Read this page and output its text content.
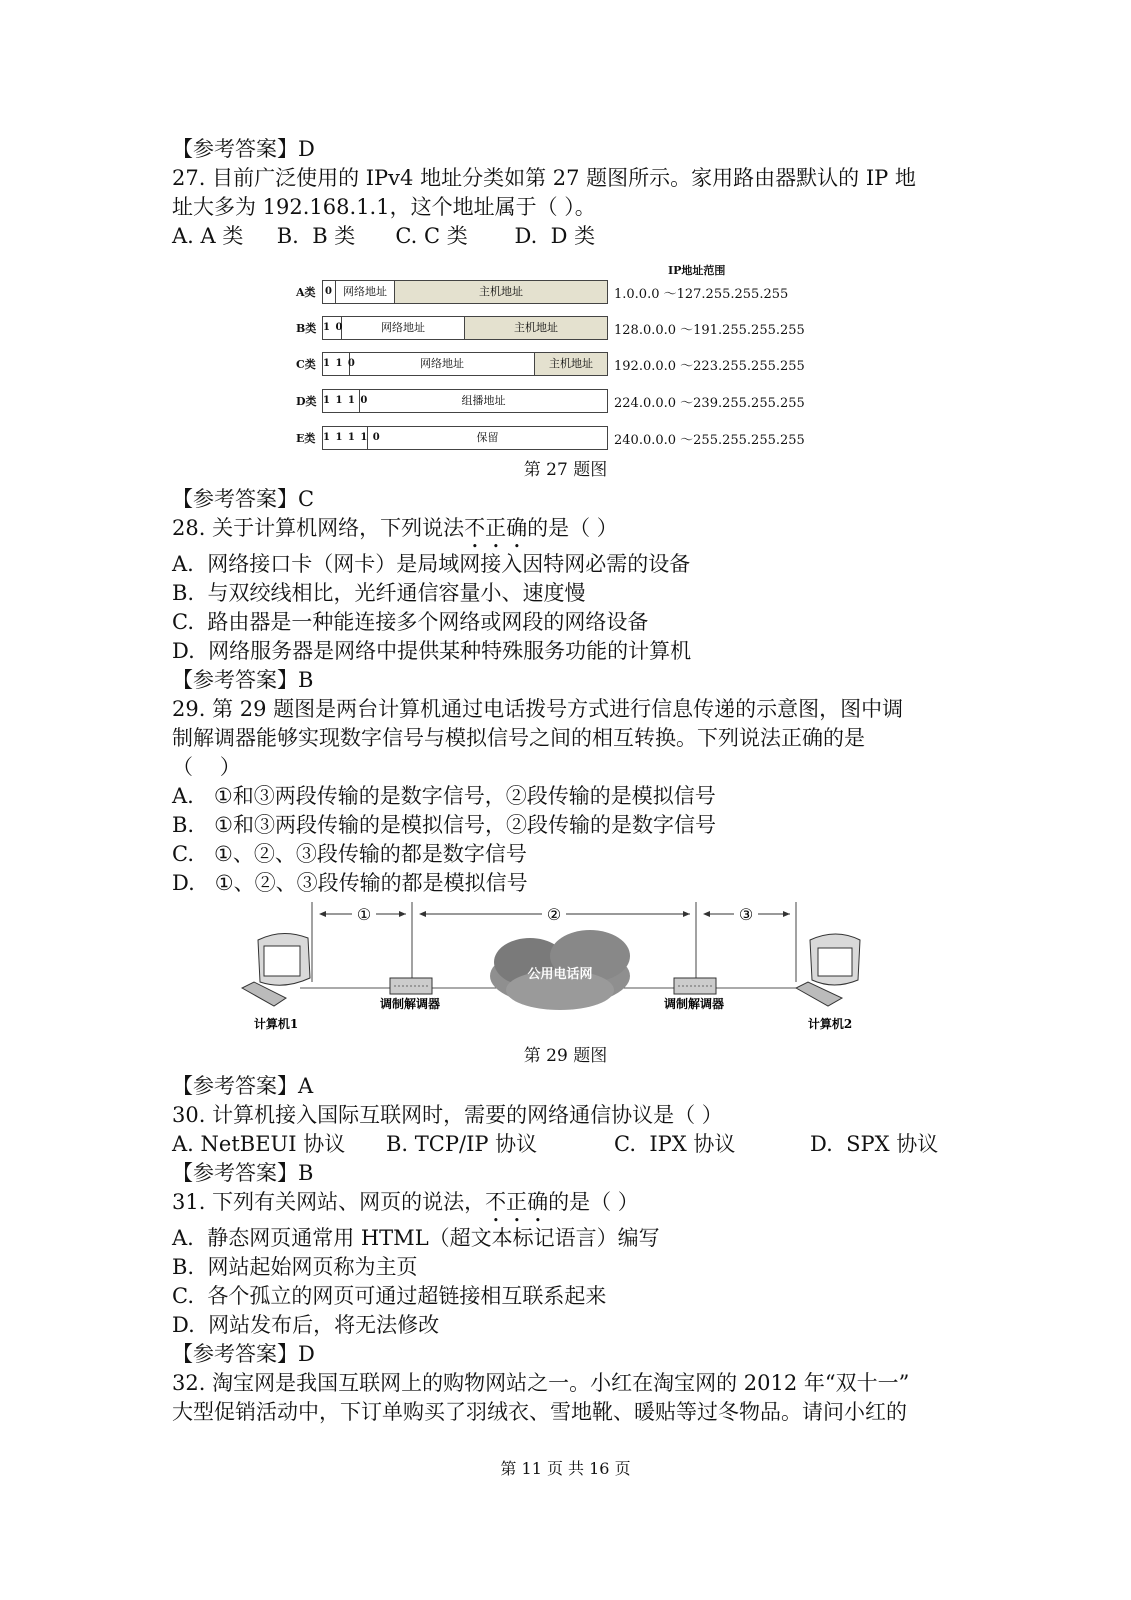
【参考答案】D
27. 目前广泛使用的 IPv4 地址分类如第 27 题图所示。家用路由器默认的 IP 地
址大多为 192.168.1.1，这个地址属于（ ）。
A. A 类     B.  B 类      C. C 类       D.  D 类
IP地址范围
A类 0 网络地址	主机地址	1.0.0.0 ～127.255.255.255
B类 1 0	网络地址	主机地址	128.0.0.0 ～191.255.255.255
C类 1 1 0	网络地址	主机地址	192.0.0.0 ～223.255.255.255
D类 1 1 1 0	组播地址	224.0.0.0 ～239.255.255.255
E类 1 1 1 1 0	保留	240.0.0.0 ～255.255.255.255
第 27 题图
【参考答案】C
28. 关于计算机网络，下列说法不正确的是（ ）
A.  网络接口卡（网卡）是局域网接入因特网必需的设备
B.  与双绞线相比，光纤通信容量小、速度慢
C.  路由器是一种能连接多个网络或网段的网络设备
D.  网络服务器是网络中提供某种特殊服务功能的计算机
【参考答案】B
29. 第 29 题图是两台计算机通过电话拨号方式进行信息传递的示意图，图中调
制解调器能够实现数字信号与模拟信号之间的相互转换。下列说法正确的是
（    ）
A.   ①和③两段传输的是数字信号，②段传输的是模拟信号
B.   ①和③两段传输的是模拟信号，②段传输的是数字信号
C.   ①、②、③段传输的都是数字信号
D.   ①、②、③段传输的都是模拟信号
①	②	③
公用电话网
调制解调器	调制解调器
计算机1	计算机2
第 29 题图
【参考答案】A
30. 计算机接入国际互联网时，需要的网络通信协议是（ ）
A. NetBEUI 协议 B. TCP/IP 协议	C.  IPX 协议	D.  SPX 协议
【参考答案】B
31. 下列有关网站、网页的说法，不正确的是（ ）
A.  静态网页通常用 HTML（超文本标记语言）编写
B.  网站起始网页称为主页
C.  各个孤立的网页可通过超链接相互联系起来
D.  网站发布后，将无法修改
【参考答案】D
32. 淘宝网是我国互联网上的购物网站之一。小红在淘宝网的 2012 年“双十一”
大型促销活动中，下订单购买了羽绒衣、雪地靴、暖贴等过冬物品。请问小红的
第 11 页 共 16 页
